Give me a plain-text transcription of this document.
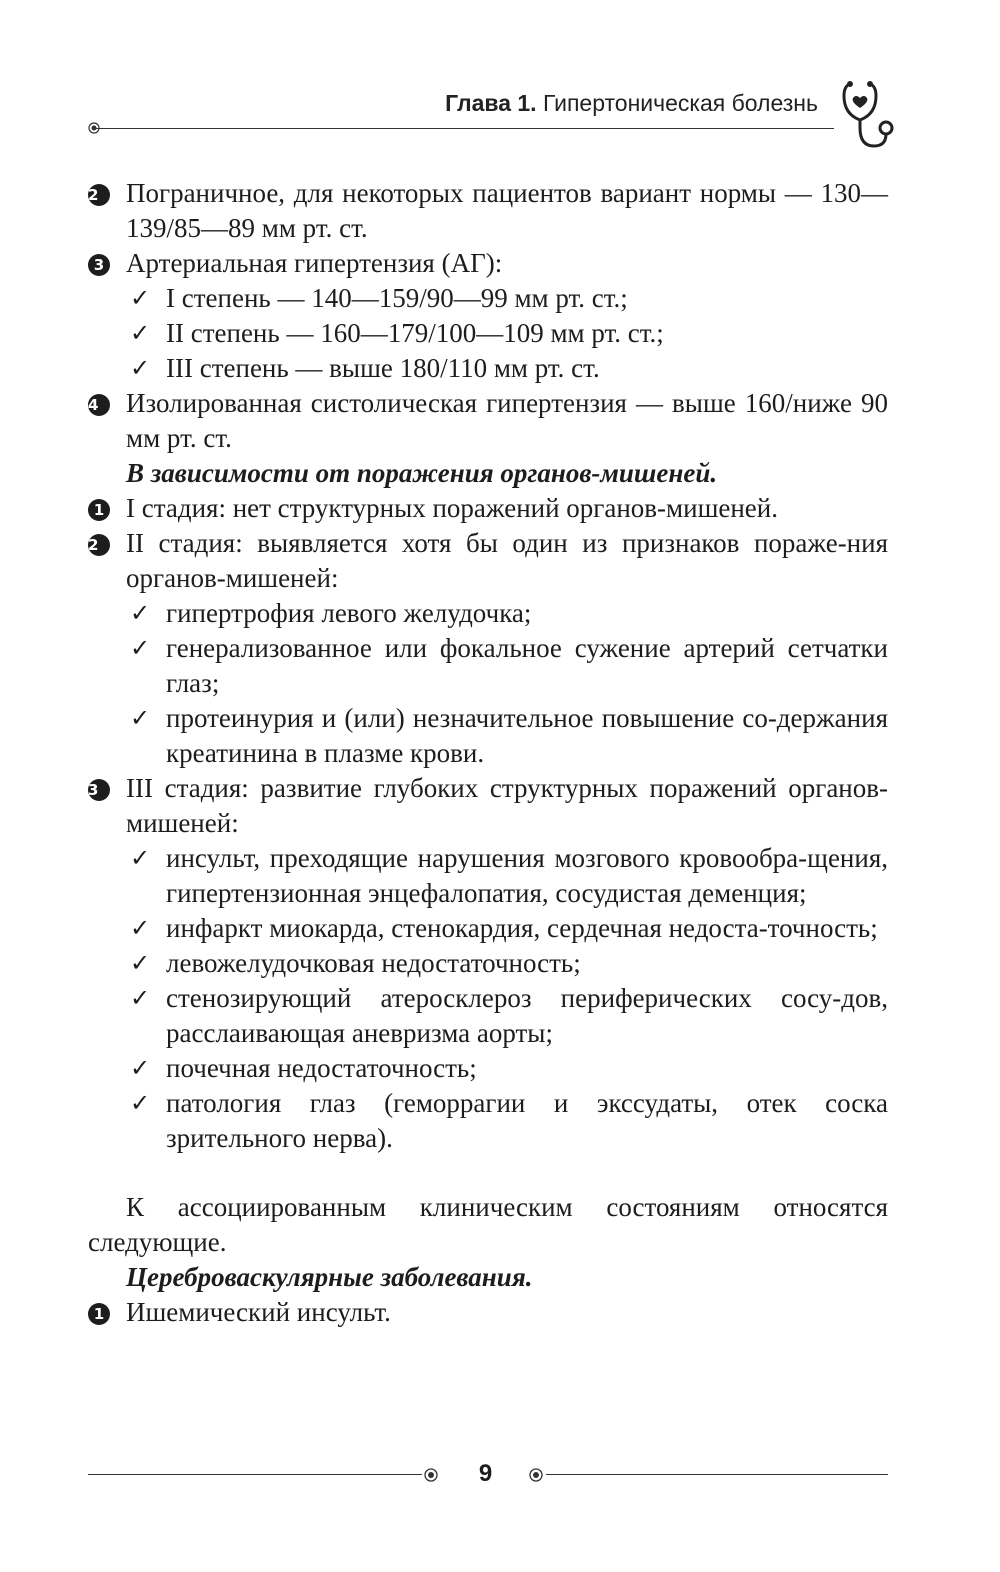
Глава 1. Гипертоническая болезнь
2	Пограничное, для некоторых пациентов вариант нормы — 130—139/85—89 мм рт. ст.
3 Артериальная гипертензия (АГ):
✓ I степень — 140—159/90—99 мм рт. ст.;
✓ II степень — 160—179/100—109 мм рт. ст.;
✓ III степень — выше 180/110 мм рт. ст.
4	Изолированная систолическая гипертензия — выше 160/ниже 90 мм рт. ст.
В зависимости от поражения органов-мишеней.
1 I стадия: нет структурных поражений органов-мишеней.
2	II стадия: выявляется хотя бы один из признаков пораже-ния органов-мишеней:
✓ гипертрофия левого желудочка;
✓ генерализованное или фокальное сужение артерий сетчатки глаз;
✓ протеинурия и (или) незначительное повышение со-держания креатинина в плазме крови.
3	III стадия: развитие глубоких структурных поражений органов-мишеней:
✓ инсульт, преходящие нарушения мозгового кровообра-щения, гипертензионная энцефалопатия, сосудистая деменция;
✓ инфаркт миокарда, стенокардия, сердечная недоста-точность;
✓ левожелудочковая недостаточность;
✓ стенозирующий атеросклероз периферических сосу-дов, расслаивающая аневризма аорты;
✓ почечная недостаточность;
✓ патология глаз (геморрагии и экссудаты, отек соска зрительного нерва).
К ассоциированным клиническим состояниям относятся следующие.
Цереброваскулярные заболевания.
1 Ишемический инсульт.
9
